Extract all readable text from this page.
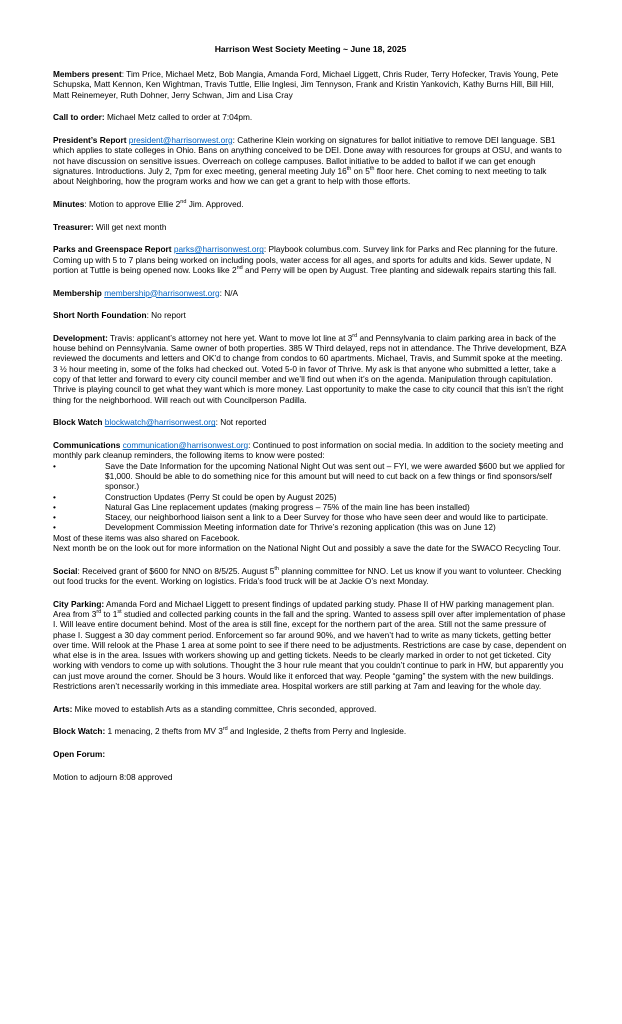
Harrison West Society Meeting ~ June 18, 2025

Members present: Tim Price, Michael Metz, Bob Mangia, Amanda Ford, Michael Liggett, Chris Ruder, Terry Hofecker, Travis Young, Pete Schupska, Matt Kennon, Ken Wightman, Travis Tuttle, Ellie Inglesi, Jim Tennyson, Frank and Kristin Yankovich, Kathy Burns Hill, Bill Hill, Matt Reinemeyer, Ruth Dohner, Jerry Schwan, Jim and Lisa Cray

Call to order: Michael Metz called to order at 7:04pm.

President’s Report president@harrisonwest.org: Catherine Klein working on signatures for ballot initiative to remove DEI language. SB1 which applies to state colleges in Ohio. Bans on anything conceived to be DEI. Done away with resources for groups at OSU, and wants to not have discussion on sensitive issues. Overreach on college campuses. Ballot initiative to be added to ballot if we can get enough signatures. Introductions. July 2, 7pm for exec meeting, general meeting July 16th on 5th floor here. Chet coming to next meeting to talk about Neighboring, how the program works and how we can get a grant to help with those efforts.

Minutes: Motion to approve Ellie 2nd Jim. Approved.

Treasurer: Will get next month

Parks and Greenspace Report parks@harrisonwest.org: Playbook columbus.com. Survey link for Parks and Rec planning for the future. Coming up with 5 to 7 plans being worked on including pools, water access for all ages, and sports for adults and kids. Sewer update, N portion at Tuttle is being opened now. Looks like 2nd and Perry will be open by August. Tree planting and sidewalk repairs starting this fall.

Membership membership@harrisonwest.org: N/A

Short North Foundation: No report

Development: Travis: applicant’s attorney not here yet. Want to move lot line at 3rd and Pennsylvania to claim parking area in back of the house behind on Pennsylvania. Same owner of both properties. 385 W Third delayed, reps not in attendance. The Thrive development, BZA reviewed the documents and letters and OK’d to change from condos to 60 apartments. Michael, Travis, and Summit spoke at the meeting. 3 ½ hour meeting in, some of the folks had checked out. Voted 5-0 in favor of Thrive. My ask is that anyone who submitted a letter, take a copy of that letter and forward to every city council member and we’ll find out when it’s on the agenda. Manipulation through capitulation. Thrive is playing council to get what they want which is more money. Last opportunity to make the case to city council that this isn’t the right thing for the neighborhood. Will reach out with Councilperson Padilla.

Block Watch blockwatch@harrisonwest.org: Not reported

Communications communication@harrisonwest.org: Continued to post information on social media. In addition to the society meeting and monthly park cleanup reminders, the following items to know were posted:

•	Save the Date Information for the upcoming National Night Out was sent out – FYI, we were awarded $600 but we applied for $1,000. Should be able to do something nice for this amount but will need to cut back on a few things or find sponsors/self sponsor.)
•	Construction Updates (Perry St could be open by August 2025)
•	Natural Gas Line replacement updates (making progress – 75% of the main line has been installed)
•	Stacey, our neighborhood liaison sent a link to a Deer Survey for those who have seen deer and would like to participate.
•	Development Commission Meeting information date for Thrive’s rezoning application (this was on June 12)

Most of these items was also shared on Facebook.

Next month be on the look out for more information on the National Night Out and possibly a save the date for the SWACO Recycling Tour.

Social: Received grant of $600 for NNO on 8/5/25. August 5th planning committee for NNO. Let us know if you want to volunteer. Checking out food trucks for the event. Working on logistics. Frida’s food truck will be at Jackie O’s next Monday.

City Parking: Amanda Ford and Michael Liggett to present findings of updated parking study. Phase II of HW parking management plan. Area from 3rd to 1st studied and collected parking counts in the fall and the spring. Wanted to assess spill over after implementation of phase I. Will leave entire document behind. Most of the area is still fine, except for the northern part of the area. Still not the same pressure of phase I. Suggest a 30 day comment period. Enforcement so far around 90%, and we haven’t had to write as many tickets, getting better over time. Will relook at the Phase 1 area at some point to see if there need to be adjustments. Restrictions are case by case, dependent on what else is in the area. Issues with workers showing up and getting tickets. Needs to be clearly marked in order to not get ticketed. City working with vendors to come up with solutions. Thought the 3 hour rule meant that you couldn’t continue to park in HW, but apparently you can just move around the corner. Should be 3 hours. Would like it enforced that way. People “gaming” the system with the new buildings. Restrictions aren’t necessarily working in this immediate area. Hospital workers are still parking at 7am and leaving for the whole day.

Arts: Mike moved to establish Arts as a standing committee, Chris seconded, approved.

Block Watch: 1 menacing, 2 thefts from MV 3rd and Ingleside, 2 thefts from Perry and Ingleside.

Open Forum:

Motion to adjourn 8:08 approved
